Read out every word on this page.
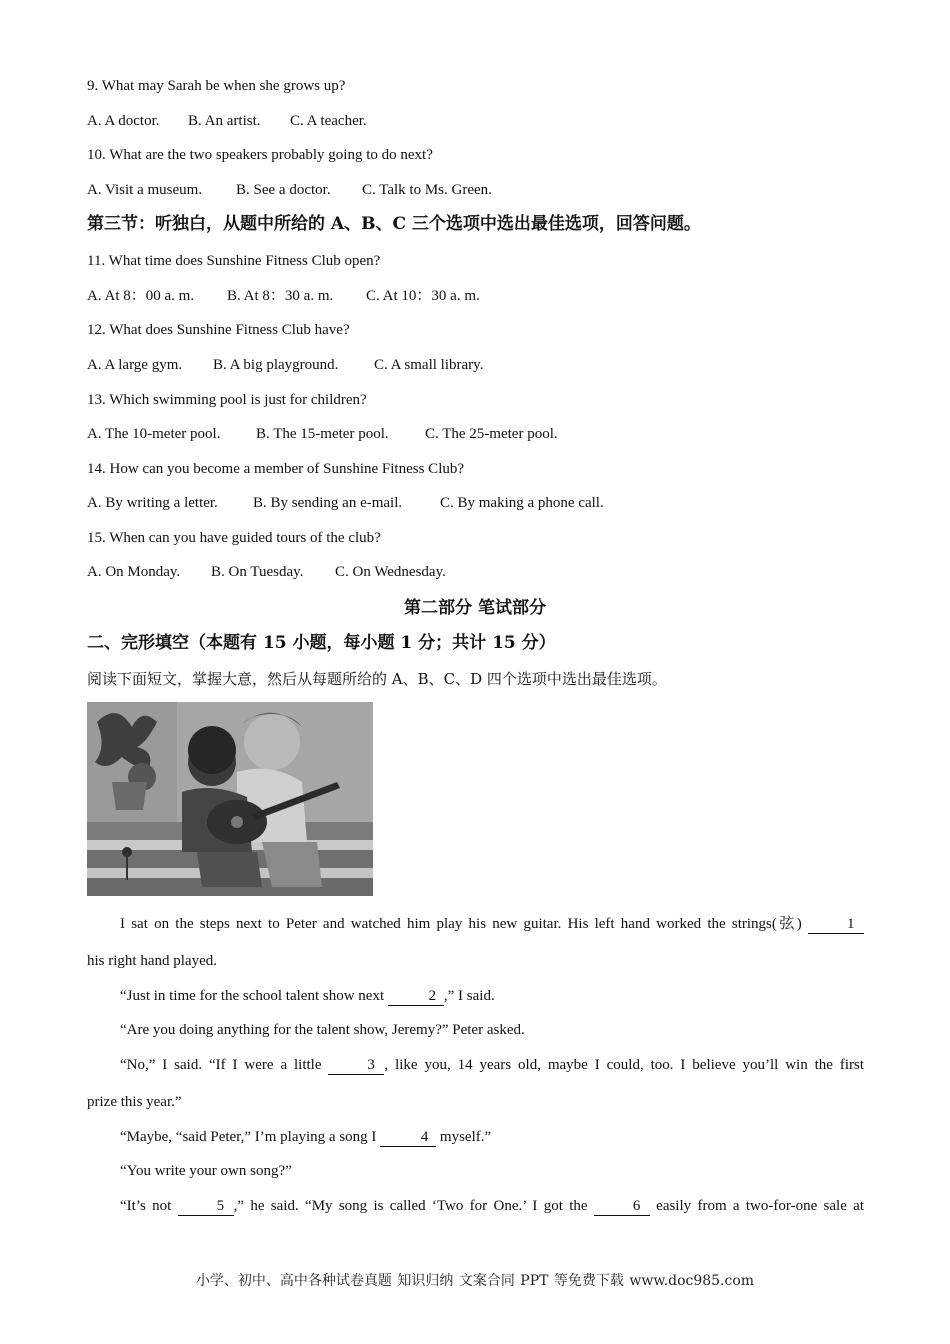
9. What may Sarah be when she grows up?
A. A doctor. B. An artist. C. A teacher.
10. What are the two speakers probably going to do next?
A. Visit a museum. B. See a doctor. C. Talk to Ms. Green.
第三节：听独白，从题中所给的 A、B、C 三个选项中选出最佳选项，回答问题。
11. What time does Sunshine Fitness Club open?
A. At 8：00 a. m. B. At 8：30 a. m. C. At 10：30 a. m.
12. What does Sunshine Fitness Club have?
A. A large gym. B. A big playground. C. A small library.
13. Which swimming pool is just for children?
A. The 10-meter pool. B. The 15-meter pool. C. The 25-meter pool.
14. How can you become a member of Sunshine Fitness Club?
A. By writing a letter. B. By sending an e-mail.	C. By making a phone call.
15. When can you have guided tours of the club?
A. On Monday. B. On Tuesday. C. On Wednesday.
第二部分 笔试部分
二、完形填空（本题有 15 小题，每小题 1 分；共计 15 分）
阅读下面短文，掌握大意，然后从每题所给的 A、B、C、D 四个选项中选出最佳选项。
I sat on the steps next to Peter and watched him play his new guitar. His left hand worked the strings(弦)	1
his right hand played.
“Just in time for the school talent show next	2 ,” I said.
“Are you doing anything for the talent show, Jeremy?” Peter asked.
“No,” I said. “If I were a little	3 , like you, 14 years old, maybe I could, too. I believe you’ll win the first
prize this year.”
“Maybe, “said Peter,” I’m playing a song I	4 myself.”
“You write your own song?”
“It’s not	5 ,” he said. “My song is called ‘Two for One.’ I got the	6 easily from a two-for-one sale at
小学、初中、高中各种试卷真题 知识归纳 文案合同 PPT 等免费下载 www.doc985.com
